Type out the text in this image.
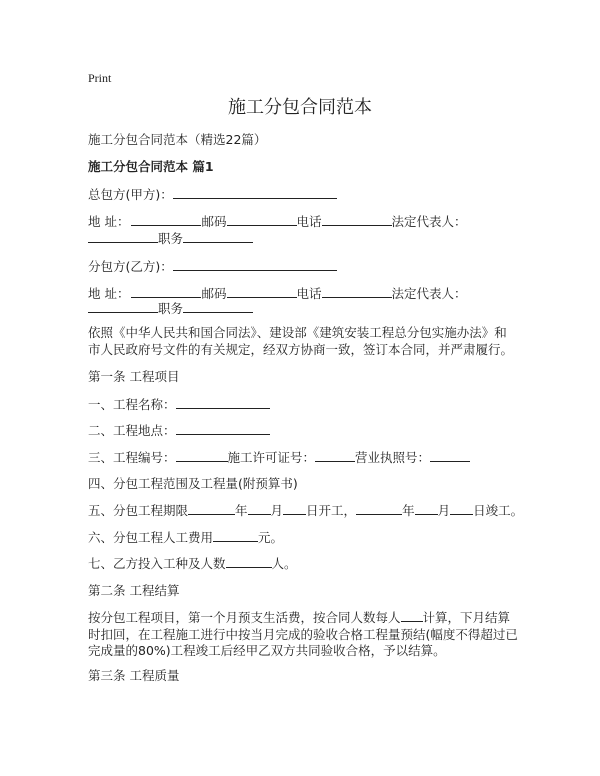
Print
施工分包合同范本
施工分包合同范本（精选22篇）
施工分包合同范本 篇1
总包方(甲方)：
地 址：	邮码	电话	法定代表人：
职务
分包方(乙方)：
地 址：	邮码	电话	法定代表人：
职务
依照《中华人民共和国合同法》、建设部《建筑安装工程总分包实施办法》和市人民政府号文件的有关规定，经双方协商一致，签订本合同，并严肃履行。
第一条 工程项目
一、工程名称：
二、工程地点：
三、工程编号：	施工许可证号：	营业执照号：
四、分包工程范围及工程量(附预算书)
五、分包工程期限	年 月 日开工，	年 月 日竣工。
六、分包工程人工费用	元。
七、乙方投入工种及人数	人。
第二条 工程结算
按分包工程项目，第一个月预支生活费，按合同人数每人 计算，下月结算时扣回，在工程施工进行中按当月完成的验收合格工程量预结(幅度不得超过已完成量的80%)工程竣工后经甲乙双方共同验收合格，予以结算。
第三条 工程质量
